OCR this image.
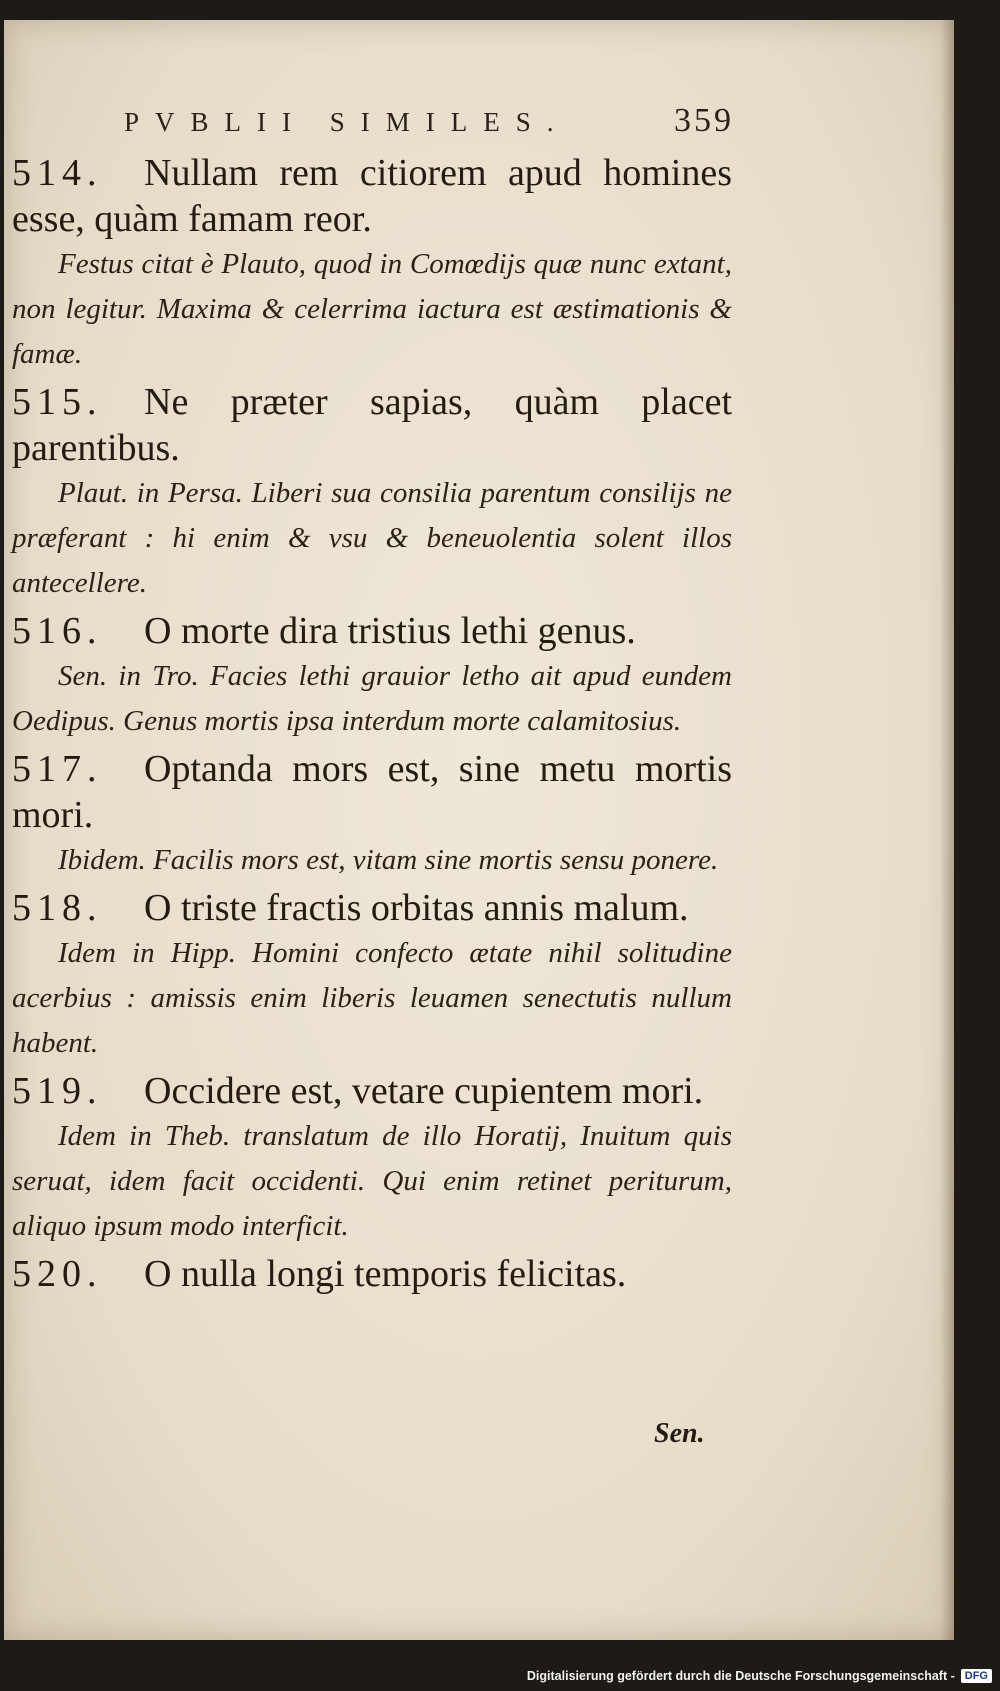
PVBLII SIMILES.	359
514. Nullam rem citiorem apud homines esse, quàm famam reor.
Festus citat è Plauto, quod in Comœdijs quæ nunc extant, non legitur. Maxima & celerrima iactura est æstimationis & famæ.
515. Ne præter sapias, quàm placet parentibus.
Plaut. in Persa. Liberi sua consilia parentum consilijs ne præferant : hi enim & vsu & beneuolentia solent illos antecellere.
516. O morte dira tristius lethi genus.
Sen. in Tro. Facies lethi grauior letho ait apud eundem Oedipus. Genus mortis ipsa interdum morte calamitosius.
517. Optanda mors est, sine metu mortis mori.
Ibidem. Facilis mors est, vitam sine mortis sensu ponere.
518. O triste fractis orbitas annis malum.
Idem in Hipp. Homini confecto ætate nihil solitudine acerbius : amissis enim liberis leuamen senectutis nullum habent.
519. Occidere est, vetare cupientem mori.
Idem in Theb. translatum de illo Horatij, Inuitum quis seruat, idem facit occidenti. Qui enim retinet periturum, aliquo ipsum modo interficit.
520. O nulla longi temporis felicitas.
Sen.
Digitalisierung gefördert durch die Deutsche Forschungsgemeinschaft - DFG
